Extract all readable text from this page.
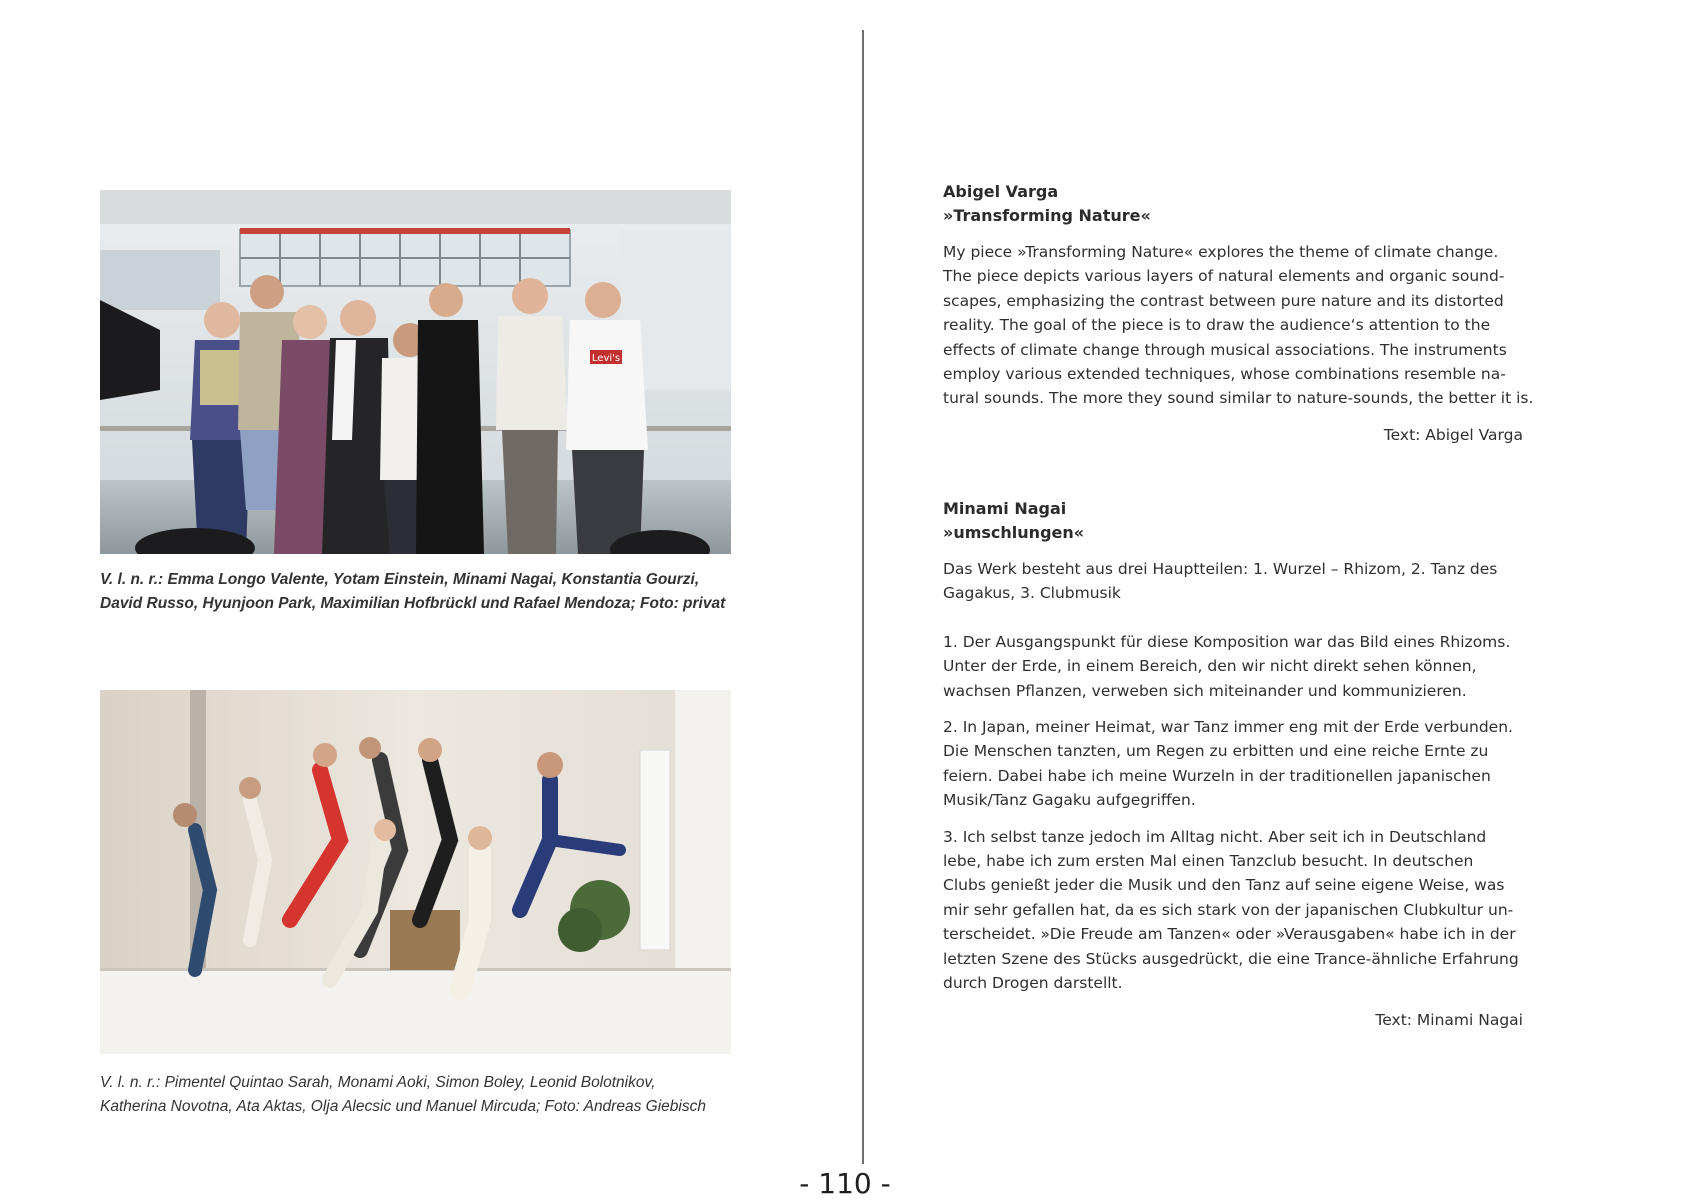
Levi's
V. l. n. r.: Emma Longo Valente, Yotam Einstein, Minami Nagai, Konstantia Gourzi,
David Russo, Hyunjoon Park, Maximilian Hofbrückl und Rafael Mendoza; Foto: privat
V. l. n. r.: Pimentel Quintao Sarah, Monami Aoki, Simon Boley, Leonid Bolotnikov,
Katherina Novotna, Ata Aktas, Olja Alecsic und Manuel Mircuda; Foto: Andreas Giebisch
- 110 -
Abigel Varga
»Transforming Nature«

My piece »Transforming Nature« explores the theme of climate change.
The piece depicts various layers of natural elements and organic sound-
scapes, emphasizing the contrast between pure nature and its distorted
reality. The goal of the piece is to draw the audience‘s attention to the
effects of climate change through musical associations. The instruments
employ various extended techniques, whose combinations resemble na-
tural sounds. The more they sound similar to nature-sounds, the better it is.

Text: Abigel Varga
Minami Nagai
»umschlungen«

Das Werk besteht aus drei Hauptteilen: 1. Wurzel – Rhizom, 2. Tanz des
Gagakus, 3. Clubmusik

1. Der Ausgangspunkt für diese Komposition war das Bild eines Rhizoms.
Unter der Erde, in einem Bereich, den wir nicht direkt sehen können,
wachsen Pflanzen, verweben sich miteinander und kommunizieren.

2. In Japan, meiner Heimat, war Tanz immer eng mit der Erde verbunden.
Die Menschen tanzten, um Regen zu erbitten und eine reiche Ernte zu
feiern. Dabei habe ich meine Wurzeln in der traditionellen japanischen
Musik/Tanz Gagaku aufgegriffen.

3. Ich selbst tanze jedoch im Alltag nicht. Aber seit ich in Deutschland
lebe, habe ich zum ersten Mal einen Tanzclub besucht. In deutschen
Clubs genießt jeder die Musik und den Tanz auf seine eigene Weise, was
mir sehr gefallen hat, da es sich stark von der japanischen Clubkultur un-
terscheidet. »Die Freude am Tanzen« oder »Verausgaben« habe ich in der
letzten Szene des Stücks ausgedrückt, die eine Trance-ähnliche Erfahrung
durch Drogen darstellt.

Text: Minami Nagai
